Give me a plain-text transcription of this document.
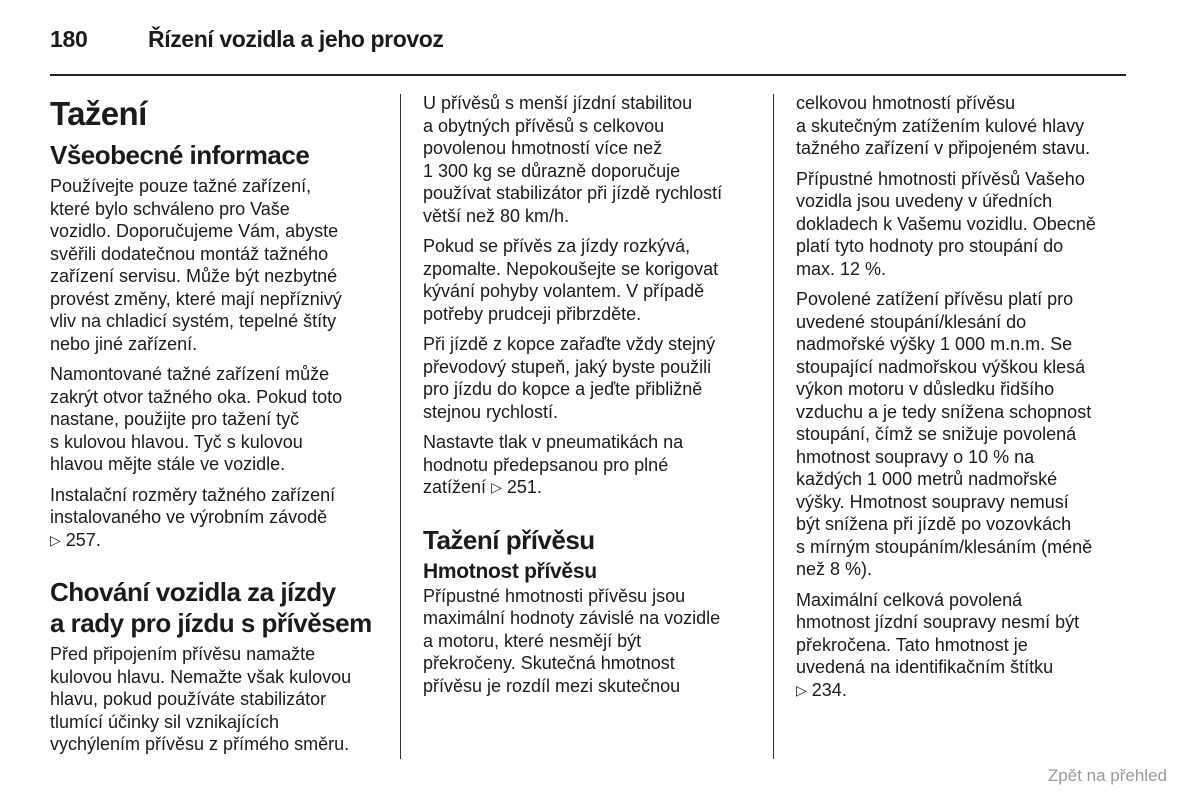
180	Řízení vozidla a jeho provoz
Tažení
Všeobecné informace
Používejte pouze tažné zařízení,
které bylo schváleno pro Vaše
vozidlo. Doporučujeme Vám, abyste
svěřili dodatečnou montáž tažného
zařízení servisu. Může být nezbytné
provést změny, které mají nepříznivý
vliv na chladicí systém, tepelné štíty
nebo jiné zařízení.
Namontované tažné zařízení může
zakrýt otvor tažného oka. Pokud toto
nastane, použijte pro tažení tyč
s kulovou hlavou. Tyč s kulovou
hlavou mějte stále ve vozidle.
Instalační rozměry tažného zařízení
instalovaného ve výrobním závodě
▷ 257.
Chování vozidla za jízdy
a rady pro jízdu s přívěsem
Před připojením přívěsu namažte
kulovou hlavu. Nemažte však kulovou
hlavu, pokud používáte stabilizátor
tlumící účinky sil vznikajících
vychýlením přívěsu z přímého směru.
U přívěsů s menší jízdní stabilitou
a obytných přívěsů s celkovou
povolenou hmotností více než
1 300 kg se důrazně doporučuje
používat stabilizátor při jízdě rychlostí
větší než 80 km/h.
Pokud se přívěs za jízdy rozkývá,
zpomalte. Nepokoušejte se korigovat
kývání pohyby volantem. V případě
potřeby prudceji přibrzděte.
Při jízdě z kopce zařaďte vždy stejný
převodový stupeň, jaký byste použili
pro jízdu do kopce a jeďte přibližně
stejnou rychlostí.
Nastavte tlak v pneumatikách na
hodnotu předepsanou pro plné
zatížení ▷ 251.
Tažení přívěsu
Hmotnost přívěsu
Přípustné hmotnosti přívěsu jsou
maximální hodnoty závislé na vozidle
a motoru, které nesmějí být
překročeny. Skutečná hmotnost
přívěsu je rozdíl mezi skutečnou
celkovou hmotností přívěsu
a skutečným zatížením kulové hlavy
tažného zařízení v připojeném stavu.
Přípustné hmotnosti přívěsů Vašeho
vozidla jsou uvedeny v úředních
dokladech k Vašemu vozidlu. Obecně
platí tyto hodnoty pro stoupání do
max. 12 %.
Povolené zatížení přívěsu platí pro
uvedené stoupání/klesání do
nadmořské výšky 1 000 m.n.m. Se
stoupající nadmořskou výškou klesá
výkon motoru v důsledku řidšího
vzduchu a je tedy snížena schopnost
stoupání, čímž se snižuje povolená
hmotnost soupravy o 10 % na
každých 1 000 metrů nadmořské
výšky. Hmotnost soupravy nemusí
být snížena při jízdě po vozovkách
s mírným stoupáním/klesáním (méně
než 8 %).
Maximální celková povolená
hmotnost jízdní soupravy nesmí být
překročena. Tato hmotnost je
uvedená na identifikačním štítku
▷ 234.
Zpět na přehled
